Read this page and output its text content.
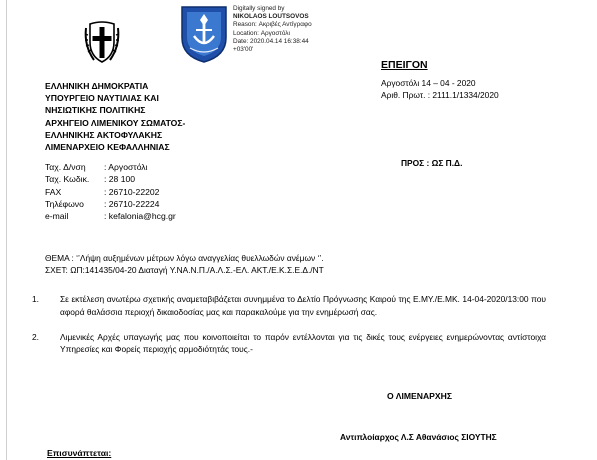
Digitally signed by
NIKOLAOS LOUTSOVOS
Reason: Ακριβές Αντίγραφο
Location: Αργοστόλι
Date: 2020.04.14 16:38:44
+03'00'
ΕΛΛΗΝΙΚΗ ΔΗΜΟΚΡΑΤΙΑ
ΥΠΟΥΡΓΕΙΟ ΝΑΥΤΙΛΙΑΣ ΚΑΙ
ΝΗΣΙΩΤΙΚΗΣ ΠΟΛΙΤΙΚΗΣ
ΑΡΧΗΓΕΙΟ ΛΙΜΕΝΙΚΟΥ ΣΩΜΑΤΟΣ-
ΕΛΛΗΝΙΚΗΣ ΑΚΤΟΦΥΛΑΚΗΣ
ΛΙΜΕΝΑΡΧΕΙΟ ΚΕΦΑΛΛΗΝΙΑΣ
Ταχ. Δ/νση	: Αργοστόλι
Ταχ. Κωδικ.	: 28 100
FAX	: 26710-22202
Τηλέφωνο	: 26710-22224
e-mail	: kefalonia@hcg.gr
ΕΠΕΙΓΟΝ
Αργοστόλι 14 – 04 - 2020
Αριθ. Πρωτ. : 2111.1/1334/2020
ΠΡΟΣ : ΩΣ Π.Δ.
ΘΕΜΑ : ‘’Λήψη αυξημένων μέτρων λόγω αναγγελίας θυελλωδών ανέμων ‘’.
ΣΧΕΤ: ΩΠ:141435/04-20 Διαταγή Υ.ΝΑ.Ν.Π./Α.Λ.Σ.-ΕΛ. ΑΚΤ./Ε.Κ.Σ.Ε.Δ./ΝΤ
1.	Σε εκτέλεση ανωτέρω σχετικής αναμεταβιβάζεται συνημμένα το Δελτίο Πρόγνωσης Καιρού της Ε.ΜΥ./Ε.ΜΚ. 14-04-2020/13:00 που αφορά θαλάσσια περιοχή δικαιοδοσίας μας και παρακαλούμε για την ενημέρωσή σας.
2.	Λιμενικές Αρχές υπαγωγής μας που κοινοποιείται το παρόν εντέλλονται για τις δικές τους ενέργειες ενημερώνοντας αντίστοιχα Υπηρεσίες και Φορείς περιοχής αρμοδιότητάς τους.-
Ο ΛΙΜΕΝΑΡΧΗΣ
Αντιπλοίαρχος Λ.Σ Αθανάσιος ΣΙΟΥΤΗΣ
Επισυνάπτεται:
